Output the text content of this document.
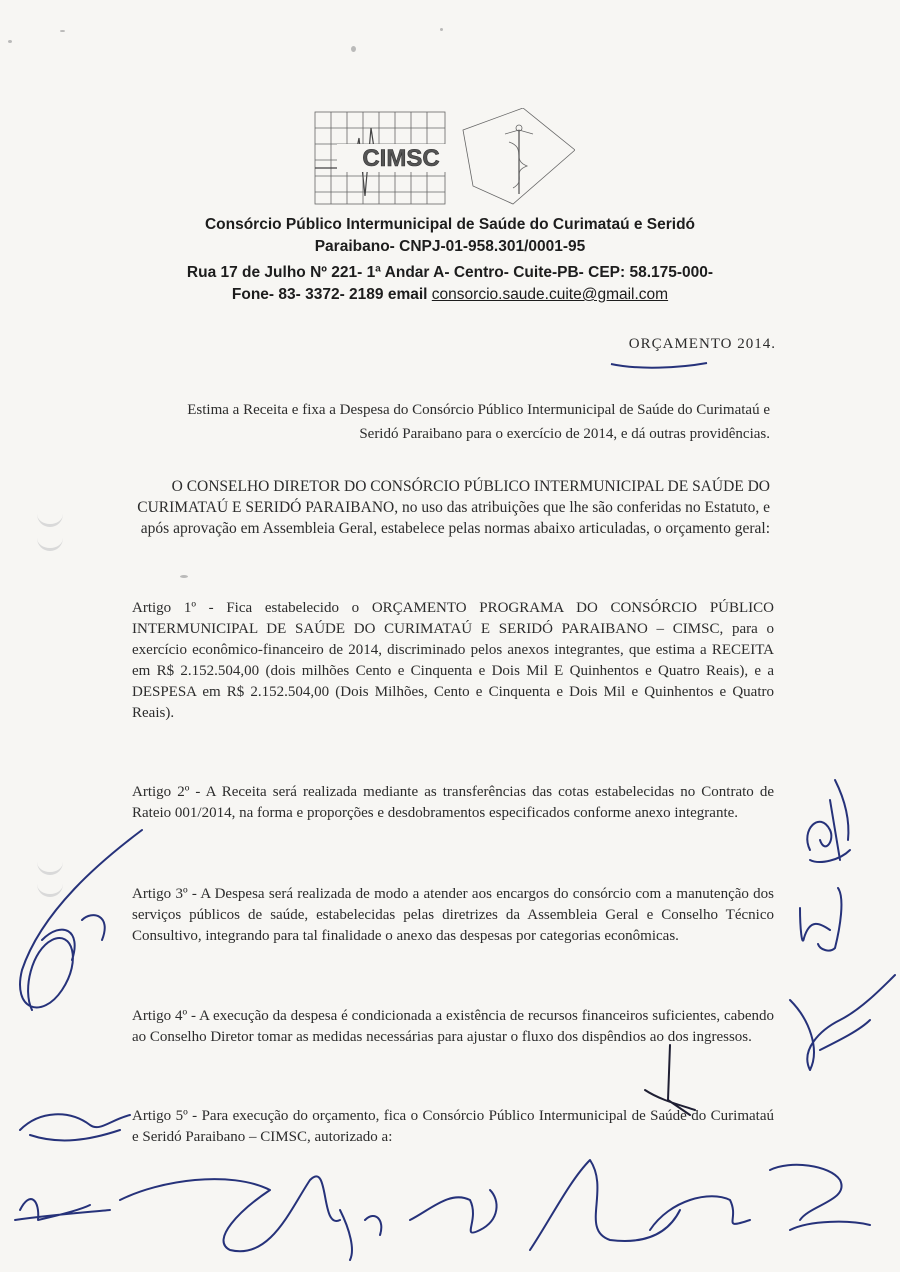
CIMSC
Consórcio Público Intermunicipal de Saúde do Curimataú e Seridó
Paraibano- CNPJ-01-958.301/0001-95
Rua 17 de Julho Nº 221- 1ª Andar A- Centro- Cuite-PB- CEP: 58.175-000-
Fone- 83- 3372- 2189 email consorcio.saude.cuite@gmail.com
ORÇAMENTO 2014.
Estima a Receita e fixa a Despesa do Consórcio Público Intermunicipal de Saúde do Curimataú e Seridó Paraibano para o exercício de 2014, e dá outras providências.
O CONSELHO DIRETOR DO CONSÓRCIO PÚBLICO INTERMUNICIPAL DE SAÚDE DO CURIMATAÚ E SERIDÓ PARAIBANO, no uso das atribuições que lhe são conferidas no Estatuto, e após aprovação em Assembleia Geral, estabelece pelas normas abaixo articuladas, o orçamento geral:
Artigo 1º - Fica estabelecido o ORÇAMENTO PROGRAMA DO CONSÓRCIO PÚBLICO INTERMUNICIPAL DE SAÚDE DO CURIMATAÚ E SERIDÓ PARAIBANO – CIMSC, para o exercício econômico-financeiro de 2014, discriminado pelos anexos integrantes, que estima a RECEITA em R$ 2.152.504,00 (dois milhões Cento e Cinquenta e Dois Mil E Quinhentos e Quatro Reais), e a DESPESA em R$ 2.152.504,00 (Dois Milhões, Cento e Cinquenta e Dois Mil e Quinhentos e Quatro Reais).
Artigo 2º - A Receita será realizada mediante as transferências das cotas estabelecidas no Contrato de Rateio 001/2014, na forma e proporções e desdobramentos especificados conforme anexo integrante.
Artigo 3º - A Despesa será realizada de modo a atender aos encargos do consórcio com a manutenção dos serviços públicos de saúde, estabelecidas pelas diretrizes da Assembleia Geral e Conselho Técnico Consultivo, integrando para tal finalidade o anexo das despesas por categorias econômicas.
Artigo 4º - A execução da despesa é condicionada a existência de recursos financeiros suficientes, cabendo ao Conselho Diretor tomar as medidas necessárias para ajustar o fluxo dos dispêndios ao dos ingressos.
Artigo 5º - Para execução do orçamento, fica o Consórcio Público Intermunicipal de Saúde do Curimataú e Seridó Paraibano – CIMSC, autorizado a:
